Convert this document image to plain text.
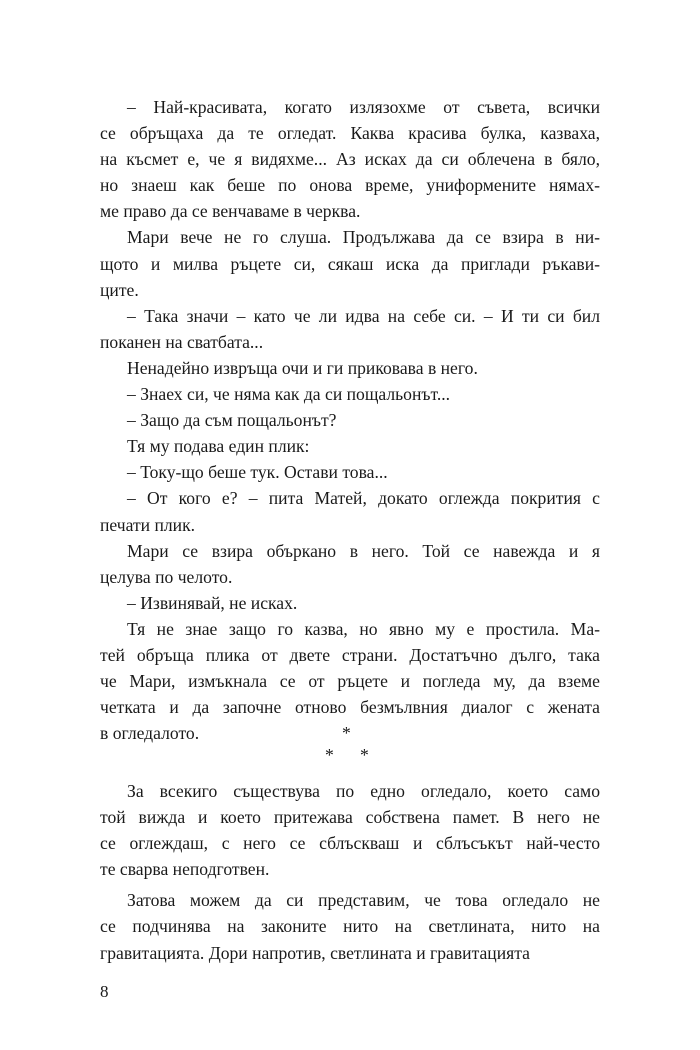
– Най-красивата, когато излязохме от съвета, всички
се обръщаха да те огледат. Каква красива булка, казваха,
на късмет е, че я видяхме... Аз исках да си облечена в бяло,
но знаеш как беше по онова време, униформените нямах-
ме право да се венчаваме в черква.

Мари вече не го слуша. Продължава да се взира в ни-
щото и милва ръцете си, сякаш иска да приглади ръкави-
ците.

– Така значи – като че ли идва на себе си. – И ти си бил
поканен на сватбата...

Ненадейно извръща очи и ги приковава в него.

– Знаех си, че няма как да си пощальонът...

– Защо да съм пощальонът?

Тя му подава един плик:

– Току-що беше тук. Остави това...

– От кого е? – пита Матей, докато оглежда покрития с
печати плик.

Мари се взира объркано в него. Той се навежда и я
целува по челото.

– Извинявай, не исках.

Тя не знае защо го казва, но явно му е простила. Ма-
тей обръща плика от двете страни. Достатъчно дълго, така
че Мари, измъкнала се от ръцете и погледа му, да вземе
четката и да започне отново безмълвния диалог с жената
в огледалото.	*
* *

За всекиго съществува по едно огледало, което само
той вижда и което притежава собствена памет. В него не
се оглеждаш, с него се сблъскваш и сблъсъкът най-често
те сварва неподготвен.

Затова можем да си представим, че това огледало не
се подчинява на законите нито на светлината, нито на
гравитацията. Дори напротив, светлината и гравитацията

8
